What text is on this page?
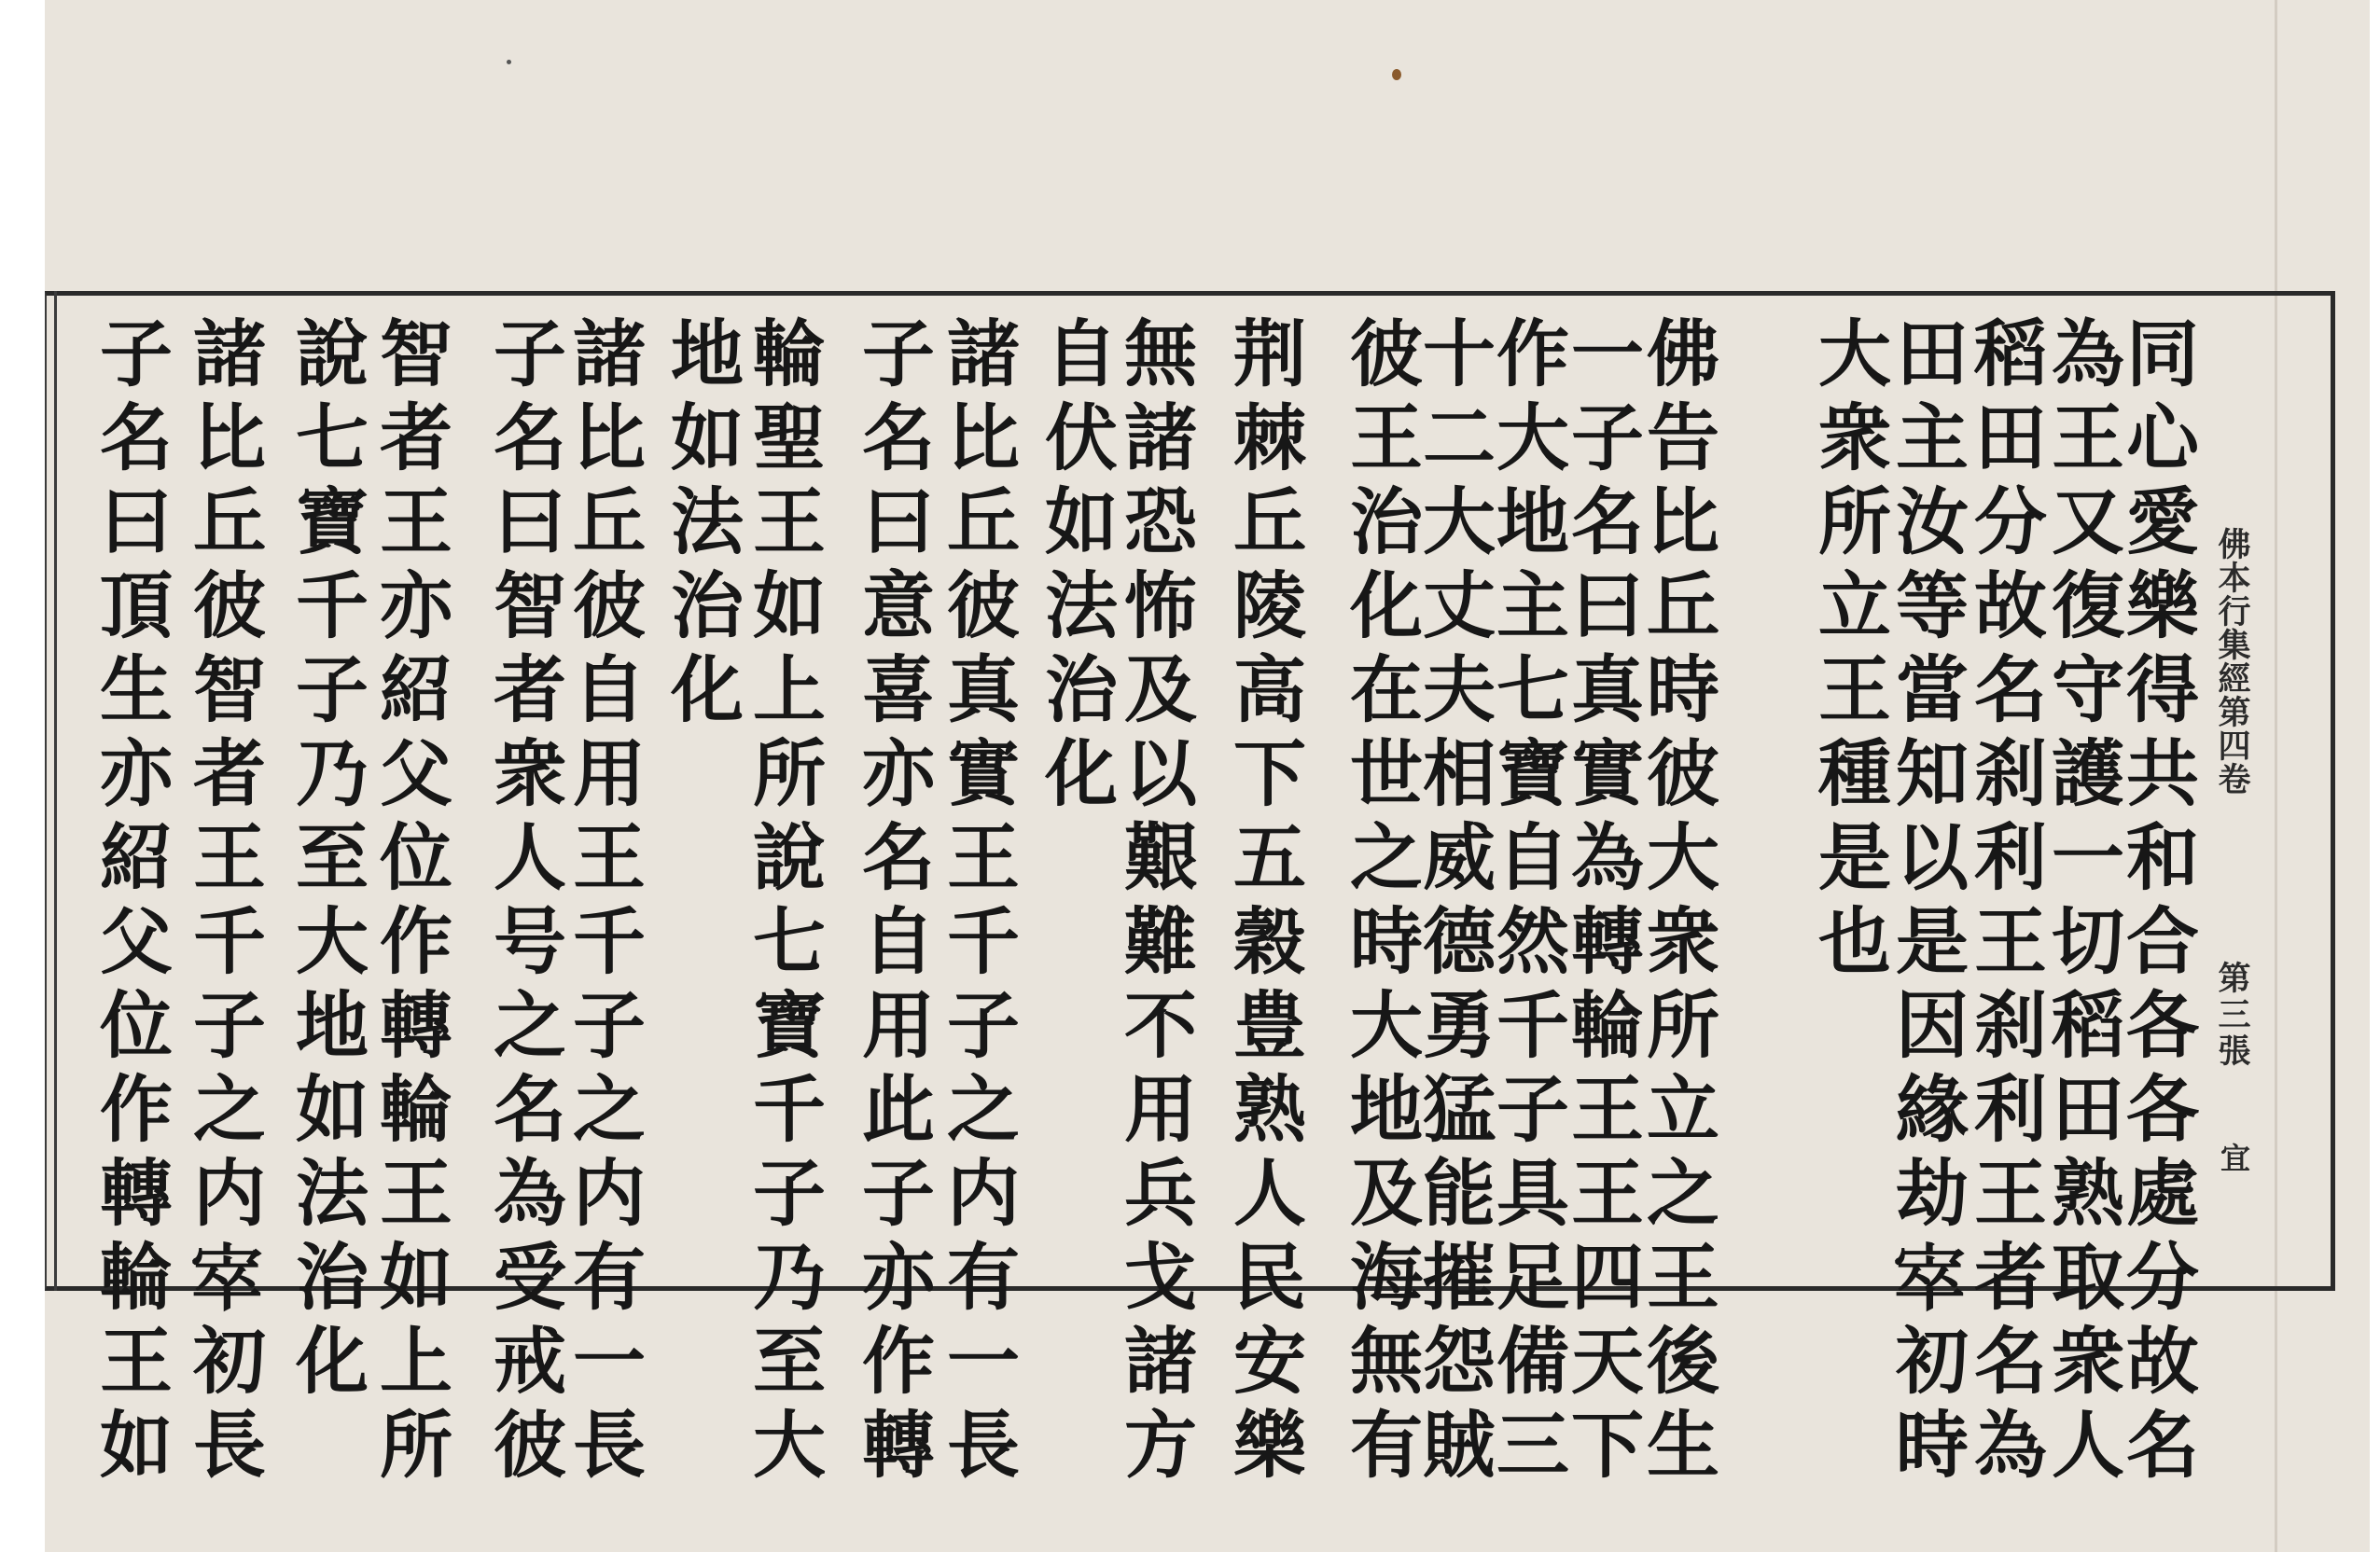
佛本行集經第四卷
第三張
宜
同心愛樂得共和合各各處分故名
為王又復守護一切稻田熟取衆人
稻田分故名刹利王刹利王者名為
田主汝等當知以是因緣劫𡨧初時
大衆所立王種是也
佛告比丘時彼大衆所立之王後生
一子名曰真實為轉輪王王四天下
作大地主七寶自然千子具足備三
十二大丈夫相威德勇猛能摧怨賊
彼王治化在世之時大地及海無有
荆棘丘陵高下五穀豊熟人民安樂
無諸恐怖及以艱難不用兵戈諸方
自伏如法治化
諸比丘彼真實王千子之内有一長
子名曰意喜亦名自用此子亦作轉
輪聖王如上所說七寶千子乃至大
地如法治化
諸比丘彼自用王千子之内有一長
子名曰智者衆人号之名為受戒彼
智者王亦紹父位作轉輪王如上所
說七寶千子乃至大地如法治化
諸比丘彼智者王千子之内𡨧初長
子名曰頂生亦紹父位作轉輪王如
